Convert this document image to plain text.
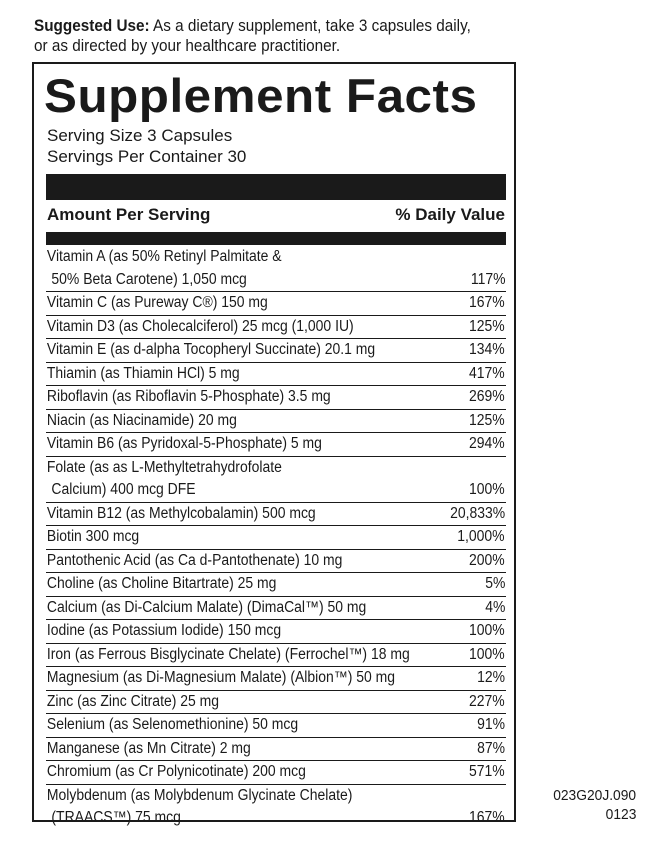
Suggested Use: As a dietary supplement, take 3 capsules daily, or as directed by your healthcare practitioner.
Supplement Facts
Serving Size 3 Capsules
Servings Per Container 30
Amount Per Serving	% Daily Value
Vitamin A (as 50% Retinyl Palmitate &
50% Beta Carotene) 1,050 mcg	117%
Vitamin C (as Pureway C®) 150 mg	167%
Vitamin D3 (as Cholecalciferol) 25 mcg (1,000 IU)	125%
Vitamin E (as d-alpha Tocopheryl Succinate) 20.1 mg	134%
Thiamin (as Thiamin HCl) 5 mg	417%
Riboflavin (as Riboflavin 5-Phosphate) 3.5 mg	269%
Niacin (as Niacinamide) 20 mg	125%
Vitamin B6 (as Pyridoxal-5-Phosphate) 5 mg	294%
Folate (as as L-Methyltetrahydrofolate
Calcium) 400 mcg DFE	100%
Vitamin B12 (as Methylcobalamin) 500 mcg	20,833%
Biotin 300 mcg	1,000%
Pantothenic Acid (as Ca d-Pantothenate) 10 mg	200%
Choline (as Choline Bitartrate) 25 mg	5%
Calcium (as Di-Calcium Malate) (DimaCal™) 50 mg	4%
Iodine (as Potassium Iodide) 150 mcg	100%
Iron (as Ferrous Bisglycinate Chelate) (Ferrochel™) 18 mg	100%
Magnesium (as Di-Magnesium Malate) (Albion™) 50 mg	12%
Zinc (as Zinc Citrate) 25 mg	227%
Selenium (as Selenomethionine) 50 mcg	91%
Manganese (as Mn Citrate) 2 mg	87%
Chromium (as Cr Polynicotinate) 200 mcg	571%
Molybdenum (as Molybdenum Glycinate Chelate)
(TRAACS™) 75 mcg	167%
023G20J.090
0123
